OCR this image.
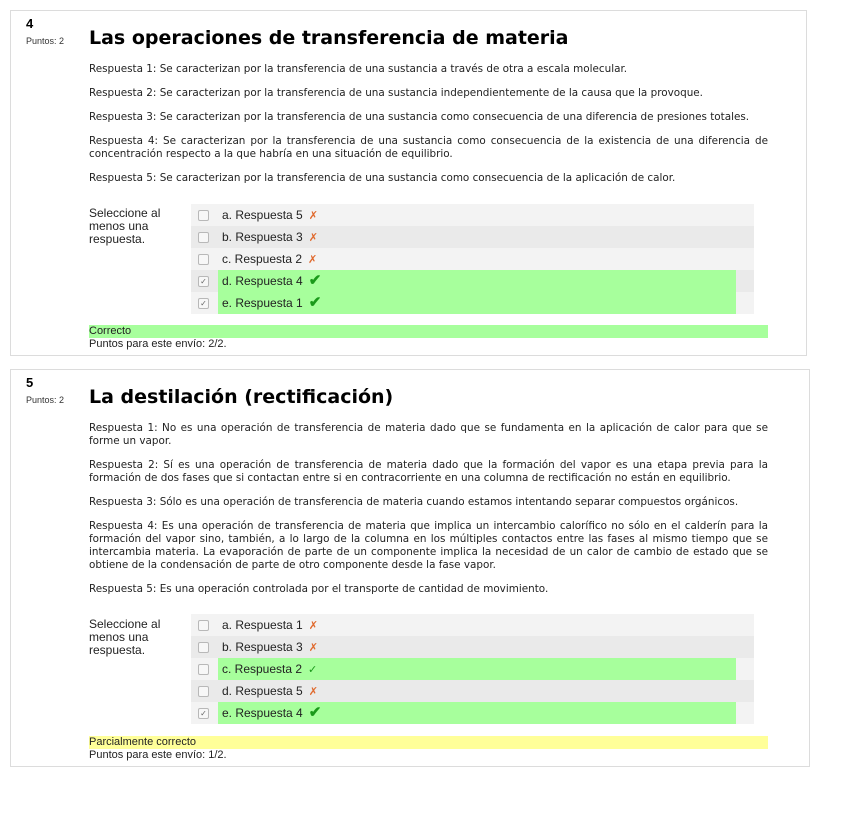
4
Puntos: 2 Las operaciones de transferencia de materia

Respuesta 1: Se caracterizan por la transferencia de una sustancia a través de otra a escala molecular.

Respuesta 2: Se caracterizan por la transferencia de una sustancia independientemente de la causa que la provoque.

Respuesta 3: Se caracterizan por la transferencia de una sustancia como consecuencia de una diferencia de presiones totales.

Respuesta 4: Se caracterizan por la transferencia de una sustancia como consecuencia de la existencia de una diferencia de concentración respecto a la que habría en una situación de equilibrio.

Respuesta 5: Se caracterizan por la transferencia de una sustancia como consecuencia de la aplicación de calor.

Seleccione al menos una respuesta.
a. Respuesta 5 ✗
b. Respuesta 3 ✗
c. Respuesta 2 ✗
✓ d. Respuesta 4 ✔
✓ e. Respuesta 1 ✔
Correcto
Puntos para este envío: 2/2.
5
Puntos: 2 La destilación (rectificación)

Respuesta 1: No es una operación de transferencia de materia dado que se fundamenta en la aplicación de calor para que se forme un vapor.

Respuesta 2: Sí es una operación de transferencia de materia dado que la formación del vapor es una etapa previa para la formación de dos fases que si contactan entre si en contracorriente en una columna de rectificación no están en equilibrio.

Respuesta 3: Sólo es una operación de transferencia de materia cuando estamos intentando separar compuestos orgánicos.

Respuesta 4: Es una operación de transferencia de materia que implica un intercambio calorífico no sólo en el calderín para la formación del vapor sino, también, a lo largo de la columna en los múltiples contactos entre las fases al mismo tiempo que se intercambia materia. La evaporación de parte de un componente implica la necesidad de un calor de cambio de estado que se obtiene de la condensación de parte de otro componente desde la fase vapor.

Respuesta 5: Es una operación controlada por el transporte de cantidad de movimiento.

Seleccione al menos una respuesta.
a. Respuesta 1 ✗
b. Respuesta 3 ✗
c. Respuesta 2 ✓
d. Respuesta 5 ✗
✓ e. Respuesta 4 ✔
Parcialmente correcto
Puntos para este envío: 1/2.
